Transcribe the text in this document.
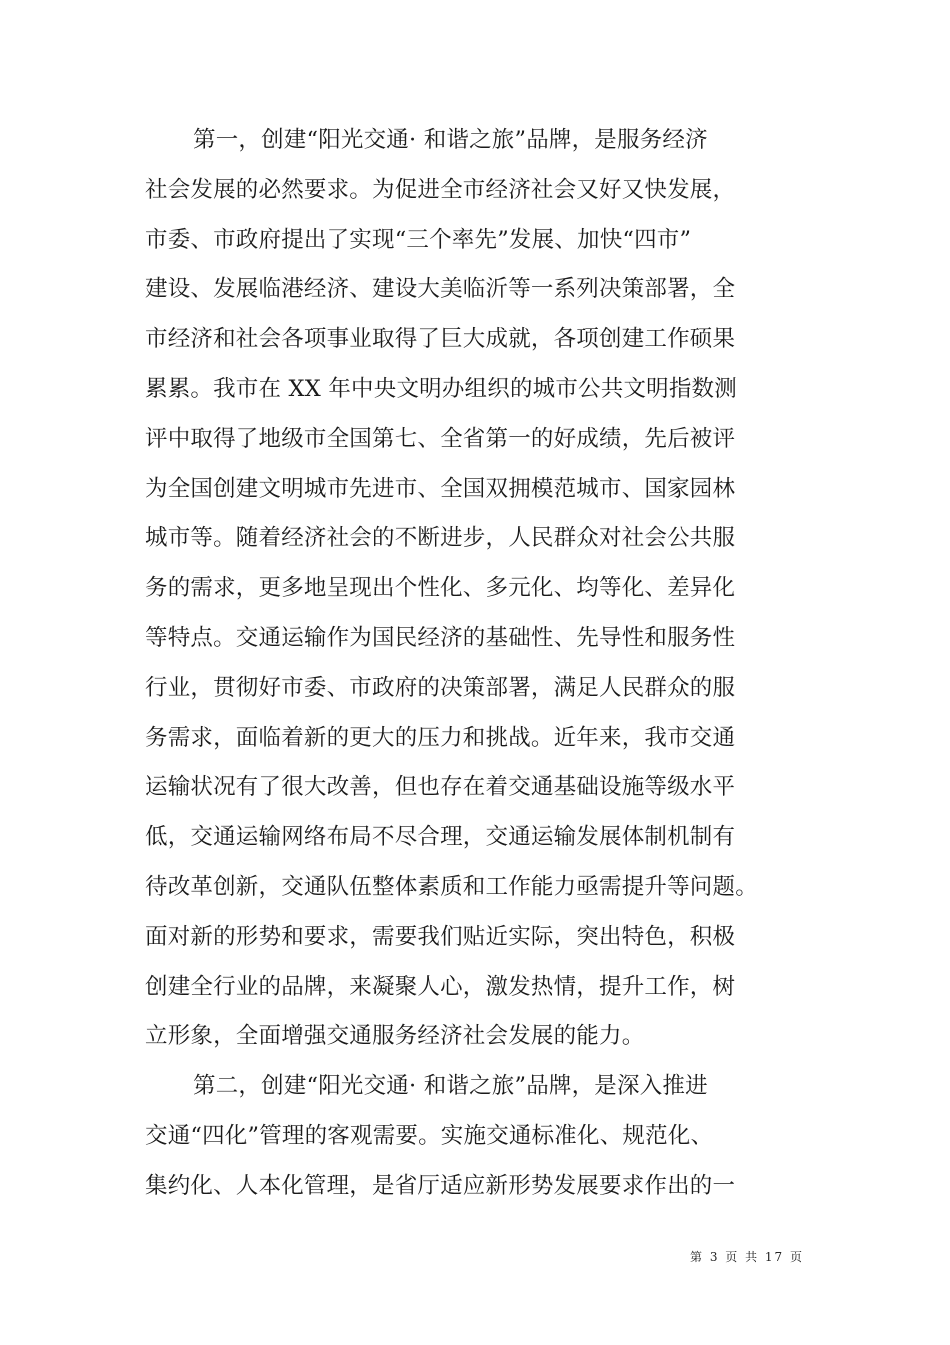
第一，创建“阳光交通· 和谐之旅”品牌，是服务经济
社会发展的必然要求。为促进全市经济社会又好又快发展，
市委、市政府提出了实现“三个率先”发展、加快“四市”
建设、发展临港经济、建设大美临沂等一系列决策部署，全
市经济和社会各项事业取得了巨大成就，各项创建工作硕果
累累。我市在 XX 年中央文明办组织的城市公共文明指数测
评中取得了地级市全国第七、全省第一的好成绩，先后被评
为全国创建文明城市先进市、全国双拥模范城市、国家园林
城市等。随着经济社会的不断进步，人民群众对社会公共服
务的需求，更多地呈现出个性化、多元化、均等化、差异化
等特点。交通运输作为国民经济的基础性、先导性和服务性
行业，贯彻好市委、市政府的决策部署，满足人民群众的服
务需求，面临着新的更大的压力和挑战。近年来，我市交通
运输状况有了很大改善，但也存在着交通基础设施等级水平
低，交通运输网络布局不尽合理，交通运输发展体制机制有
待改革创新，交通队伍整体素质和工作能力亟需提升等问题。
面对新的形势和要求，需要我们贴近实际，突出特色，积极
创建全行业的品牌，来凝聚人心，激发热情，提升工作，树
立形象，全面增强交通服务经济社会发展的能力。
第二，创建“阳光交通· 和谐之旅”品牌，是深入推进
交通“四化”管理的客观需要。实施交通标准化、规范化、
集约化、人本化管理，是省厅适应新形势发展要求作出的一
第 3 页 共 17 页
